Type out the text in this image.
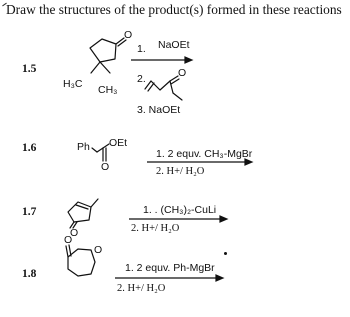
Draw the structures of the product(s) formed in these reactions
1.5
1.6
1.7
1.8
O
O
O
O
O
O
H₃C CH₃
1. NaOEt
2.
3. NaOEt
Ph OEt
1. 2 equv. CH₃-MgBr
2. H+/ H₂O
1. . (CH₃)₂-CuLi
2. H+/ H₂O
1. 2 equv. Ph-MgBr
2. H+/ H₂O
